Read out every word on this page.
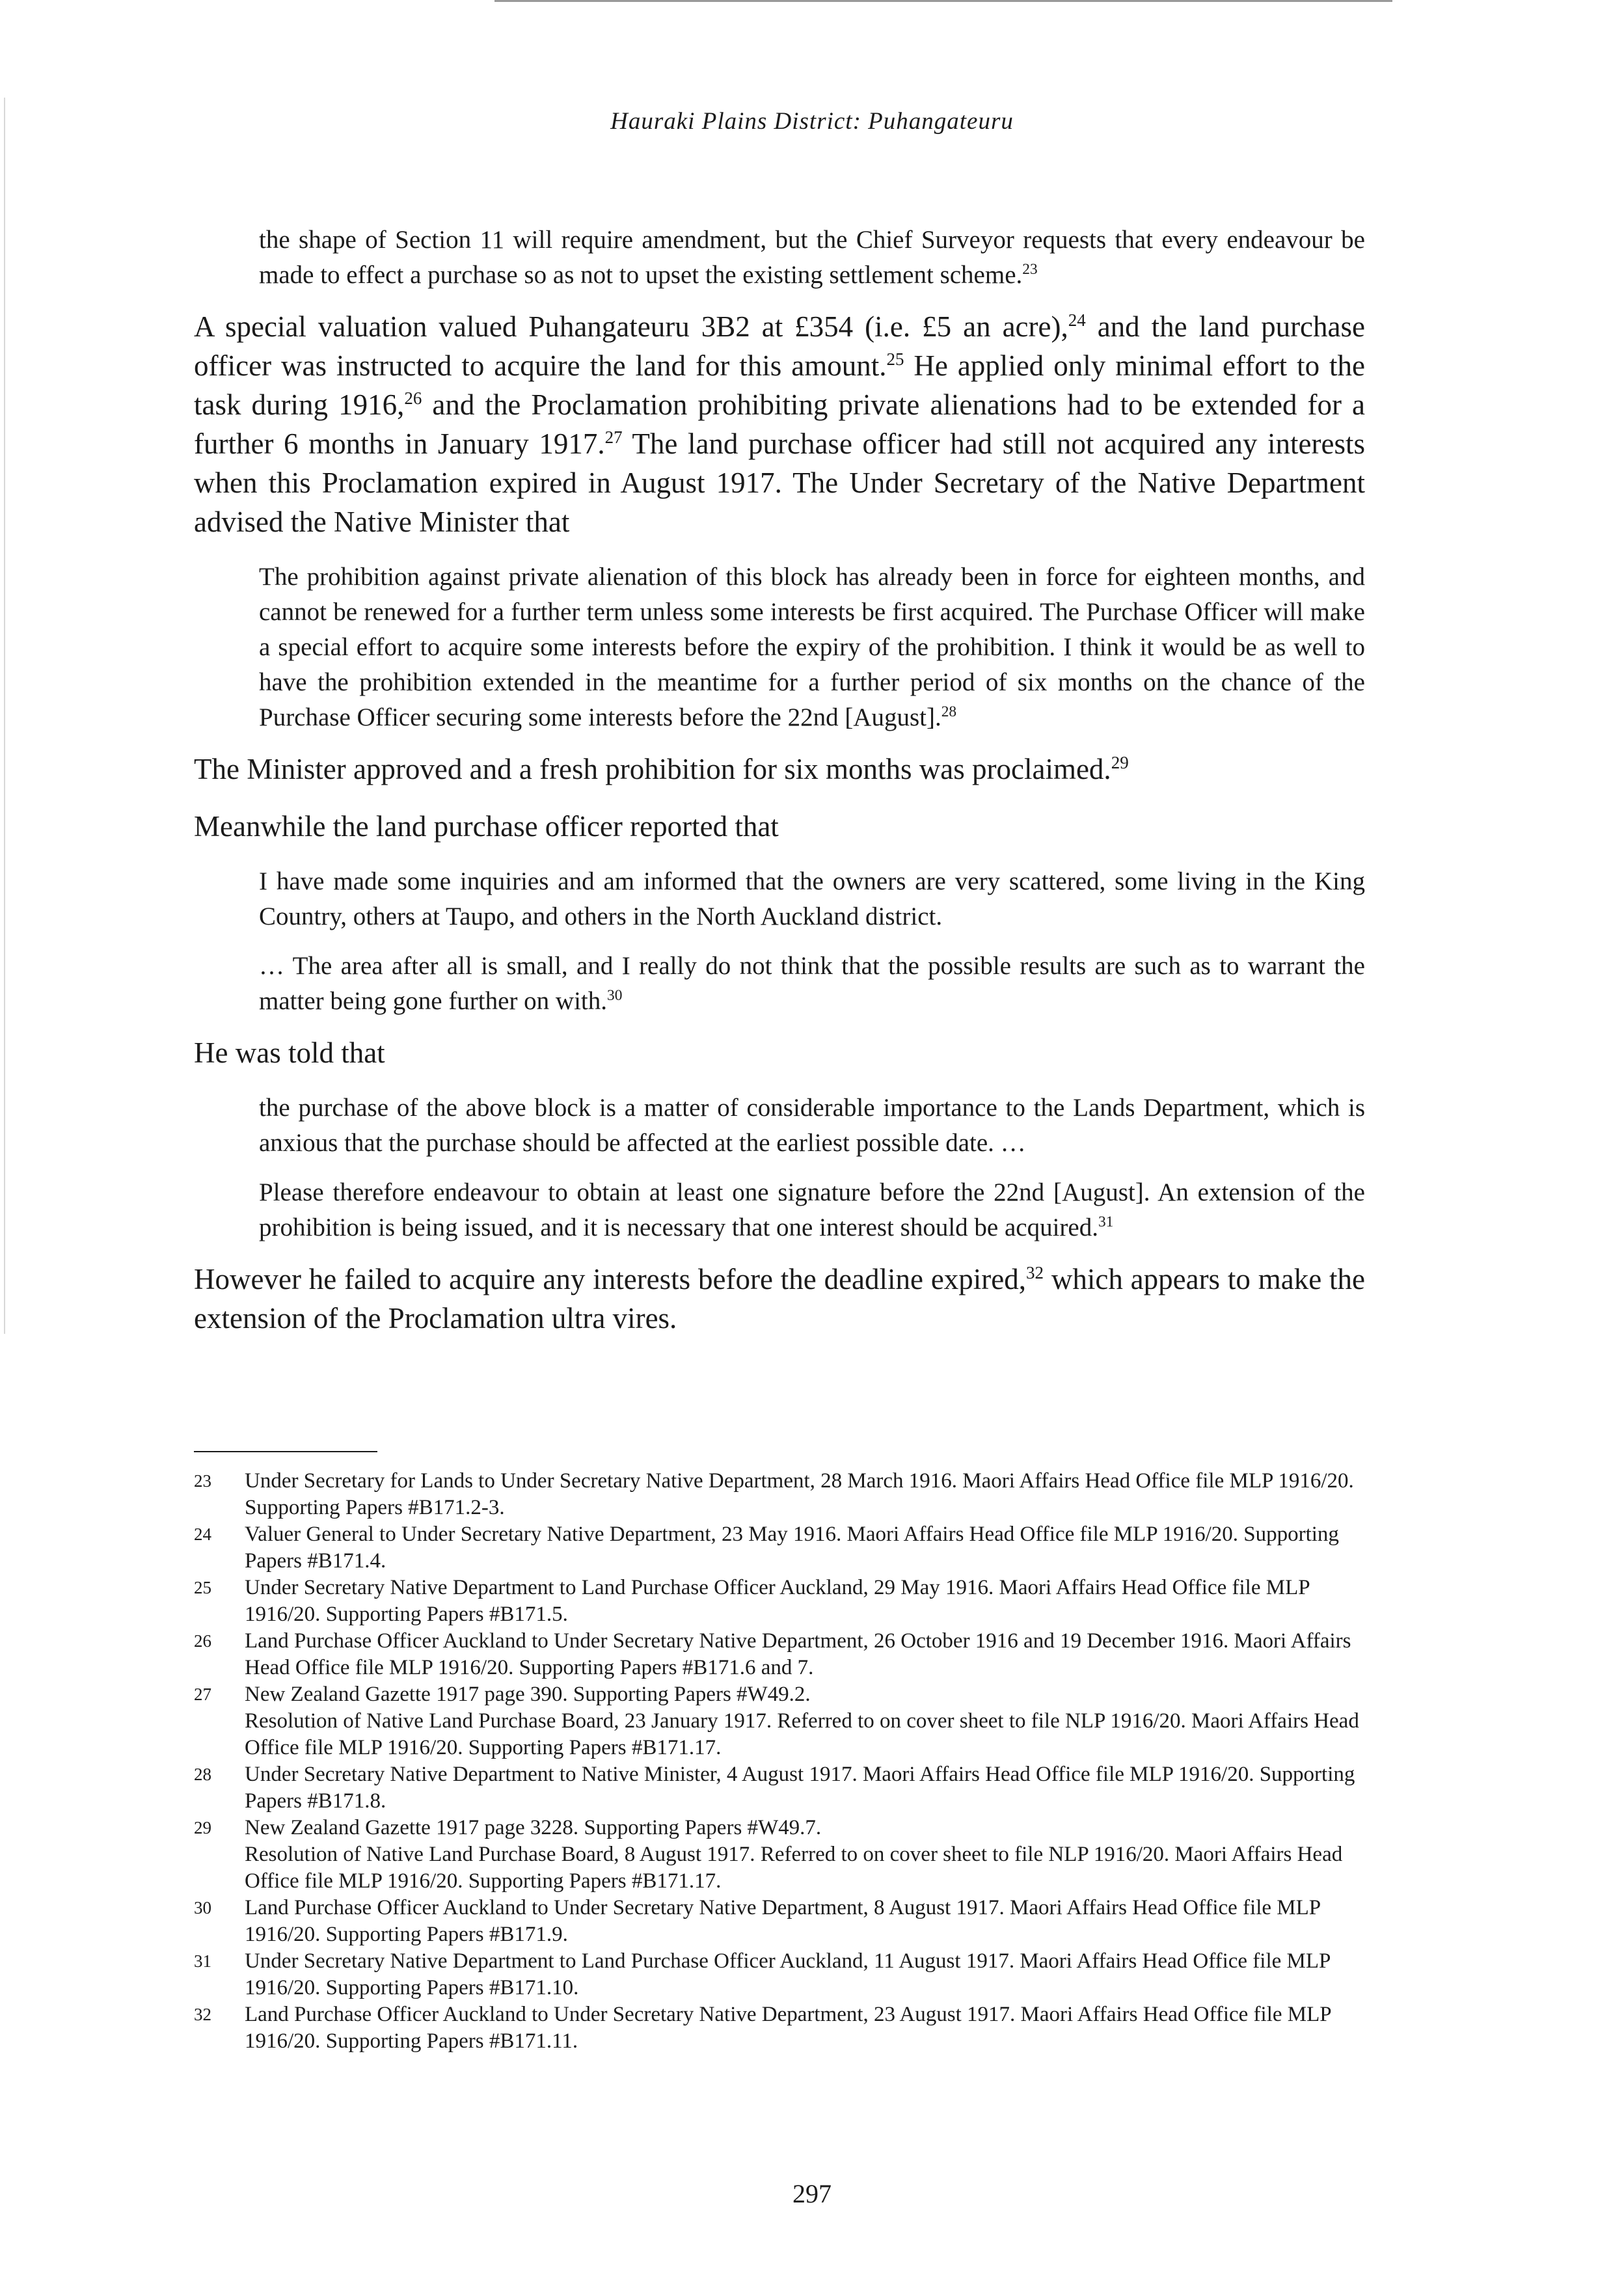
Hauraki Plains District: Puhangateuru

the shape of Section 11 will require amendment, but the Chief Surveyor requests that every endeavour be made to effect a purchase so as not to upset the existing settlement scheme.$^{23}$

A special valuation valued Puhangateuru 3B2 at £354 (i.e. £5 an acre),$^{24}$ and the land purchase officer was instructed to acquire the land for this amount.$^{25}$ He applied only minimal effort to the task during 1916,26 and the Proclamation prohibiting private alienations had to be extended for a further 6 months in January 1917.27 The land purchase officer had still not acquired any interests when this Proclamation expired in August 1917. The Under Secretary of the Native Department advised the Native Minister that

The prohibition against private alienation of this block has already been in force for eighteen months, and cannot be renewed for a further term unless some interests be first acquired. The Purchase Officer will make a special effort to acquire some interests before the expiry of the prohibition. I think it would be as well to have the prohibition extended in the meantime for a further period of six months on the chance of the Purchase Officer securing some interests before the 22nd [August].$^{28}$

The Minister approved and a fresh prohibition for six months was proclaimed.$^{29}$

Meanwhile the land purchase officer reported that

I have made some inquiries and am informed that the owners are very scattered, some living in the King Country, others at Taupo, and others in the North Auckland district.

… The area after all is small, and I really do not think that the possible results are such as to warrant the matter being gone further on with.$^{30}$

He was told that

the purchase of the above block is a matter of considerable importance to the Lands Department, which is anxious that the purchase should be affected at the earliest possible date. …

Please therefore endeavour to obtain at least one signature before the 22nd [August]. An extension of the prohibition is being issued, and it is necessary that one interest should be acquired.$^{31}$

However he failed to acquire any interests before the deadline expired,$^{32}$ which appears to make the extension of the Proclamation ultra vires.

23	Under Secretary for Lands to Under Secretary Native Department, 28 March 1916. Maori Affairs Head Office file MLP 1916/20. Supporting Papers #B171.2-3.
24	Valuer General to Under Secretary Native Department, 23 May 1916. Maori Affairs Head Office file MLP 1916/20. Supporting Papers #B171.4.
25	Under Secretary Native Department to Land Purchase Officer Auckland, 29 May 1916. Maori Affairs Head Office file MLP 1916/20. Supporting Papers #B171.5.
26	Land Purchase Officer Auckland to Under Secretary Native Department, 26 October 1916 and 19 December 1916. Maori Affairs Head Office file MLP 1916/20. Supporting Papers #B171.6 and 7.
27	New Zealand Gazette 1917 page 390. Supporting Papers #W49.2.
Resolution of Native Land Purchase Board, 23 January 1917. Referred to on cover sheet to file NLP 1916/20. Maori Affairs Head Office file MLP 1916/20. Supporting Papers #B171.17.
28	Under Secretary Native Department to Native Minister, 4 August 1917. Maori Affairs Head Office file MLP 1916/20. Supporting Papers #B171.8.
29	New Zealand Gazette 1917 page 3228. Supporting Papers #W49.7.
Resolution of Native Land Purchase Board, 8 August 1917. Referred to on cover sheet to file NLP 1916/20. Maori Affairs Head Office file MLP 1916/20. Supporting Papers #B171.17.
30	Land Purchase Officer Auckland to Under Secretary Native Department, 8 August 1917. Maori Affairs Head Office file MLP 1916/20. Supporting Papers #B171.9.
31	Under Secretary Native Department to Land Purchase Officer Auckland, 11 August 1917. Maori Affairs Head Office file MLP 1916/20. Supporting Papers #B171.10.
32	Land Purchase Officer Auckland to Under Secretary Native Department, 23 August 1917. Maori Affairs Head Office file MLP 1916/20. Supporting Papers #B171.11.
297
